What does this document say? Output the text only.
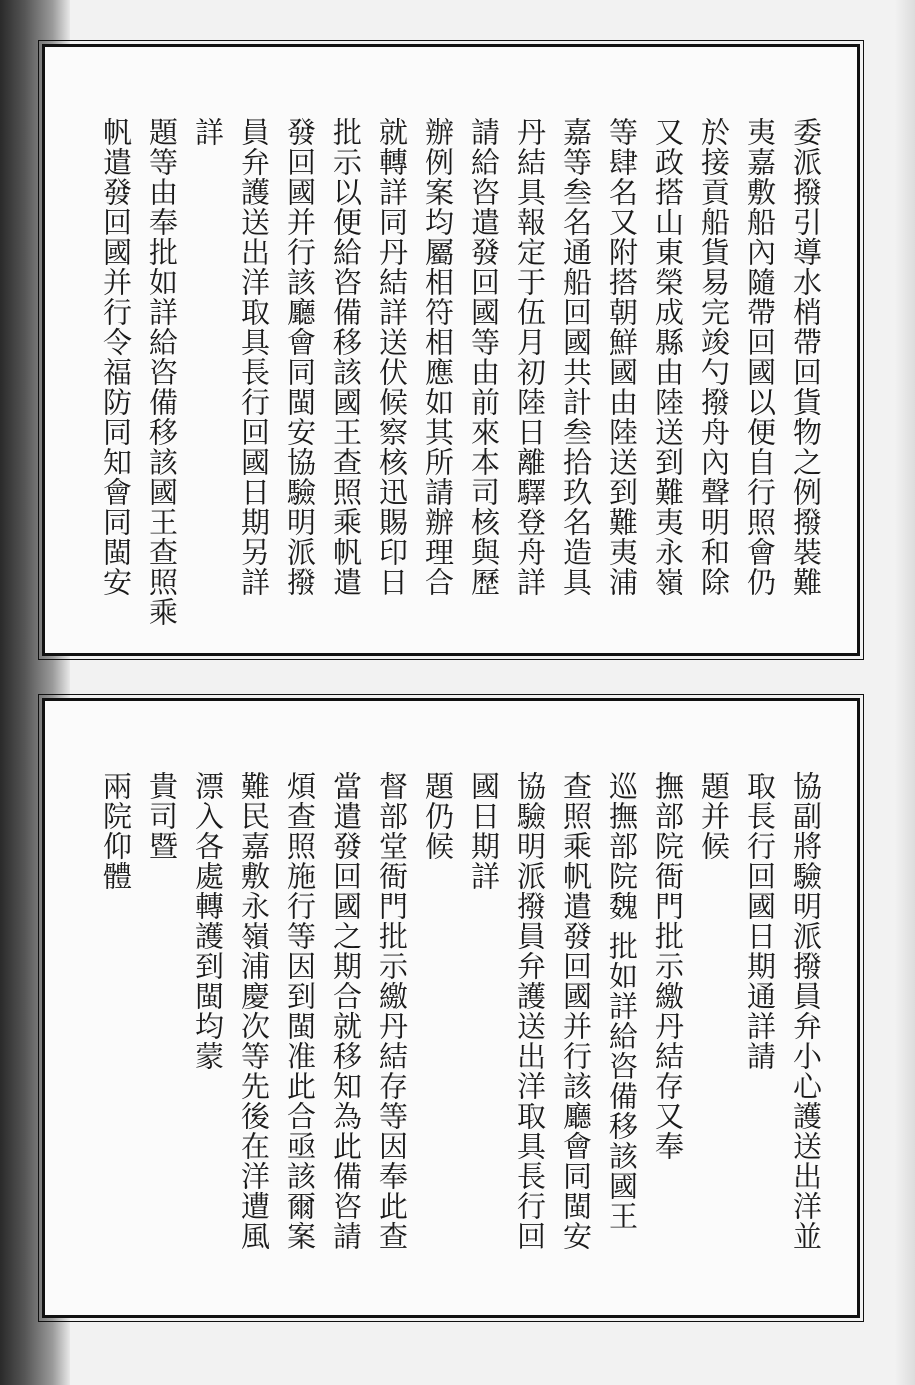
委派撥引導水梢帶回貨物之例撥裝難
夷嘉敷船內隨帶回國以便自行照會仍
於接貢船貨易完竣勺撥舟內聲明和除
又政搭山東榮成縣由陸送到難夷永嶺
等肆名又附搭朝鮮國由陸送到難夷浦
嘉等叁名通船回國共計叁拾玖名造具
丹結具報定于伍月初陸日離驛登舟詳
請給咨遣發回國等由前來本司核與歷
辦例案均屬相符相應如其所請辦理合
就轉詳同丹結詳送伏候察核迅賜印日
批示以便給咨備移該國王查照乘帆遣
發回國并行該廳會同閩安協驗明派撥
員弁護送出洋取具長行回國日期另詳
詳
題等由奉批如詳給咨備移該國王查照乘
帆遣發回國并行令福防同知會同閩安
協副將驗明派撥員弁小心護送出洋並
取長行回國日期通詳請
題并候
撫部院衙門批示繳丹結存又奉
巡撫部院魏 批如詳給咨備移該國王
查照乘帆遣發回國并行該廳會同閩安
協驗明派撥員弁護送出洋取具長行回
國日期詳
題仍候
督部堂衙門批示繳丹結存等因奉此查
當遣發回國之期合就移知為此備咨請
煩查照施行等因到閩准此合亟該爾案
難民嘉敷永嶺浦慶次等先後在洋遭風
漂入各處轉護到閩均蒙
貴司暨
兩院仰體
